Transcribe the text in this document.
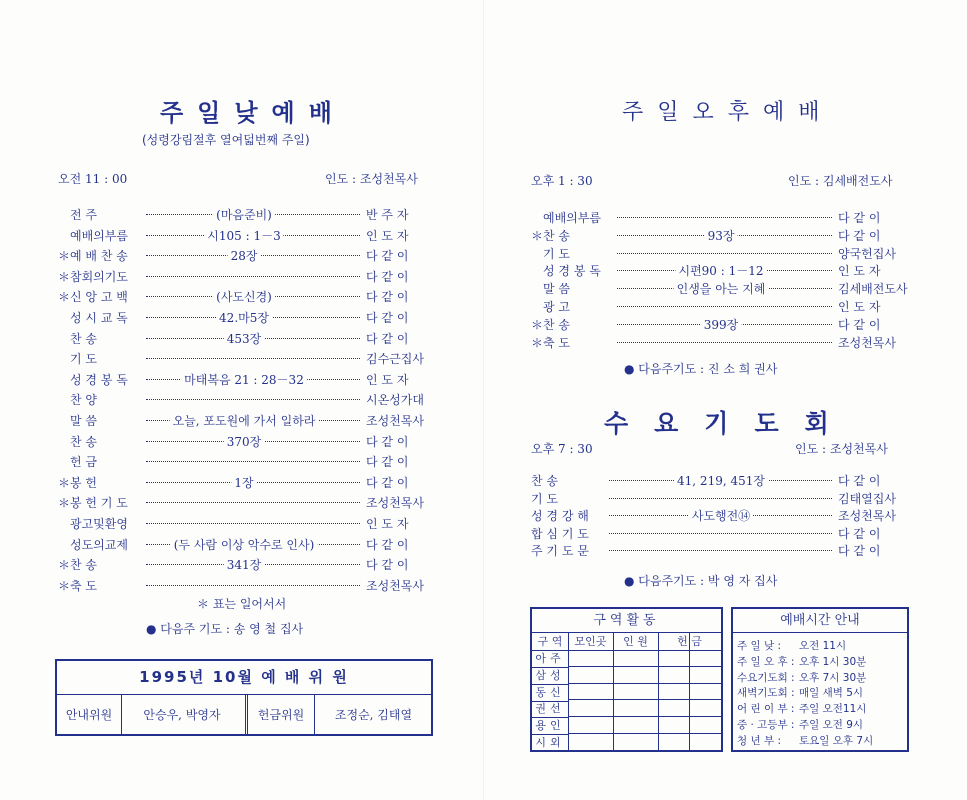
주일낮예배
(성령강림절후 열여덟번째 주일)
오전 11 : 00	인도 : 조성천목사
전 주	(마음준비)	반 주 자
예배의부름	시105 : 1－3	인 도 자
＊예 배 찬 송	28장	다 같 이
＊참회의기도	다 같 이
＊신 앙 고 백	(사도신경)	다 같 이
성 시 교 독	42.마5장	다 같 이
찬 송	453장	다 같 이
기 도	김수근집사
성 경 봉 독	마태복음 21 : 28－32	인 도 자
찬 양	시온성가대
말 씀	오늘, 포도원에 가서 일하라	조성천목사
찬 송	370장	다 같 이
헌 금	다 같 이
＊봉 헌	1장	다 같 이
＊봉 헌 기 도	조성천목사
광고및환영	인 도 자
성도의교제	(두 사람 이상 악수로 인사)	다 같 이
＊찬 송	341장	다 같 이
＊축 도	조성천목사
＊ 표는 일어서서
● 다음주 기도 : 송 영 철 집사
1995년 10월 예 배 위 원
안내위원	안승우, 박영자	헌금위원	조정순, 김태열
주일오후예배
오후 1 : 30	인도 : 김세배전도사
예배의부름	다 같 이
＊찬 송	93장	다 같 이
기 도	양국헌집사
성 경 봉 독	시편90 : 1－12	인 도 자
말 씀	인생을 아는 지혜	김세배전도사
광 고	인 도 자
＊찬 송	399장	다 같 이
＊축 도	조성천목사
● 다음주기도 : 진 소 희 권사
수요기도회
오후 7 : 30	인도 : 조성천목사
찬 송	41, 219, 451장	다 같 이
기 도	김태열집사
성 경 강 해	사도행전⑭	조성천목사
합 심 기 도	다 같 이
주 기 도 문	다 같 이
● 다음주기도 : 박 영 자 집사
구역활동
구 역	모인곳	인 원	헌 금
아주
삼성
동신
권선
용인
시외
예배시간 안내
주 일 낮 : 오전 11시
주 일 오 후 : 오후 1시 30분
수요기도회 : 오후 7시 30분
새벽기도회 : 매일 새벽 5시
어 린 이 부 : 주일 오전11시
중 · 고등부 : 주일 오전 9시
청 년 부 : 토요일 오후 7시
